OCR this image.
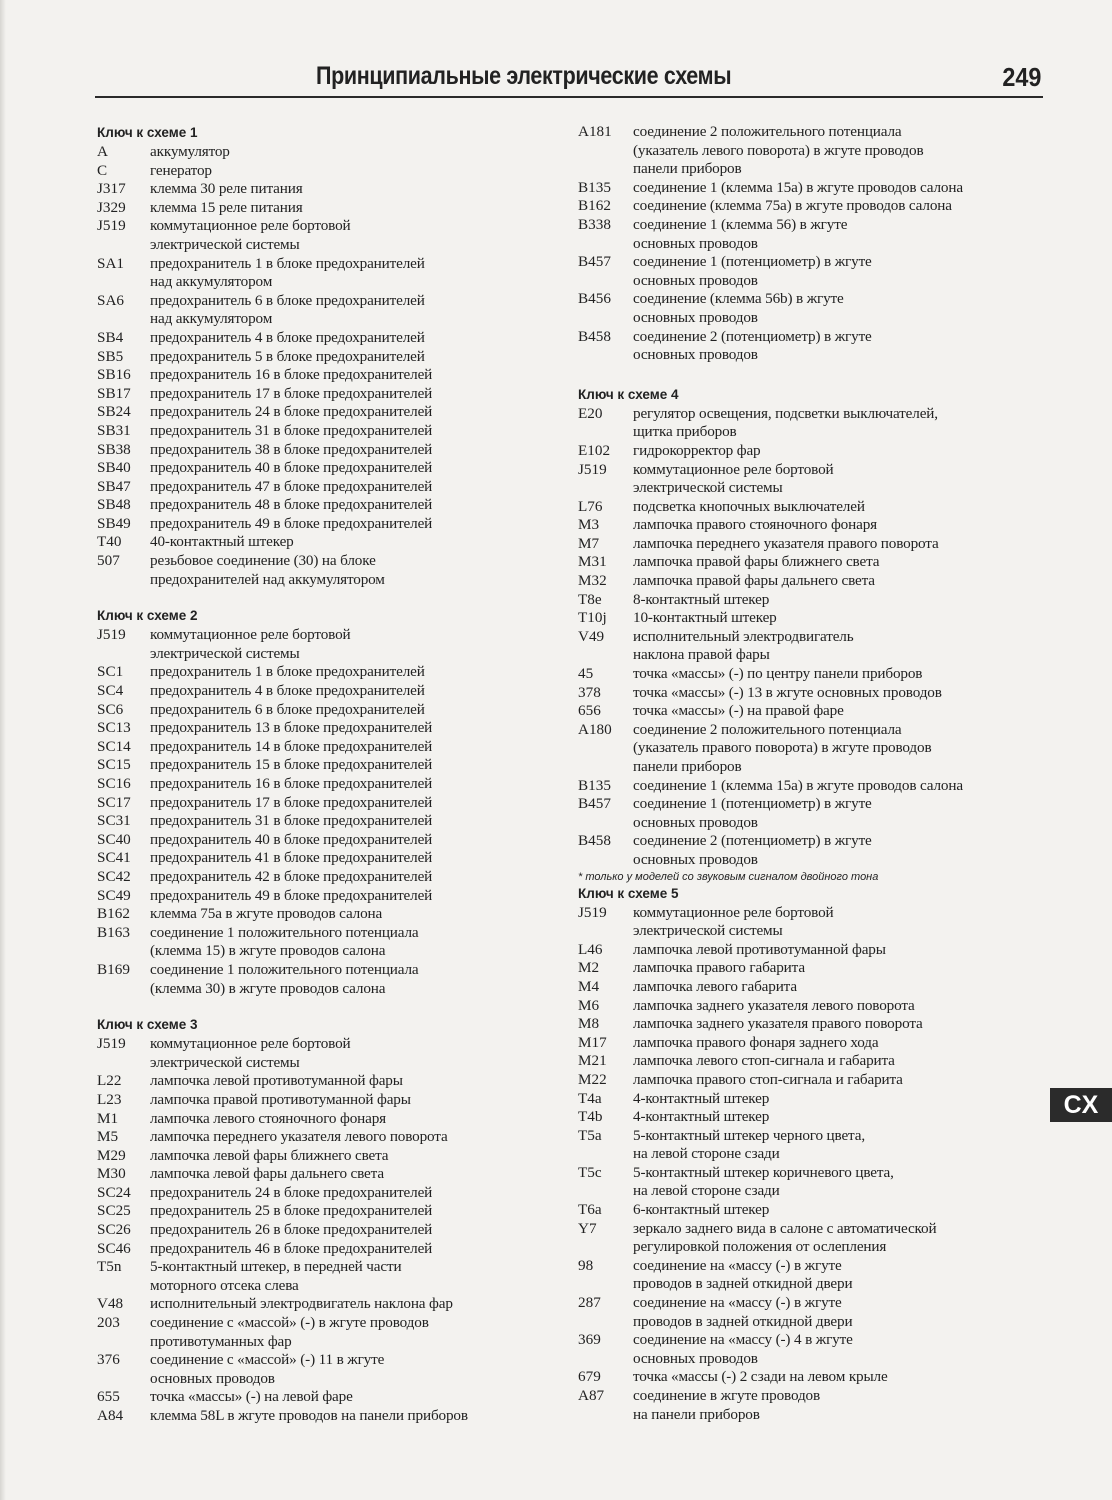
Принципиальные электрические схемы	249
Ключ к схеме 1
A	аккумулятор
C	генератор
J317	клемма 30 реле питания
J329	клемма 15 реле питания
J519	коммутационное реле бортовой
электрической системы
SA1	предохранитель 1 в блоке предохранителей
над аккумулятором
SA6	предохранитель 6 в блоке предохранителей
над аккумулятором
SB4	предохранитель 4 в блоке предохранителей
SB5	предохранитель 5 в блоке предохранителей
SB16	предохранитель 16 в блоке предохранителей
SB17	предохранитель 17 в блоке предохранителей
SB24	предохранитель 24 в блоке предохранителей
SB31	предохранитель 31 в блоке предохранителей
SB38	предохранитель 38 в блоке предохранителей
SB40	предохранитель 40 в блоке предохранителей
SB47	предохранитель 47 в блоке предохранителей
SB48	предохранитель 48 в блоке предохранителей
SB49	предохранитель 49 в блоке предохранителей
T40	40-контактный штекер
507	резьбовое соединение (30) на блоке
предохранителей над аккумулятором
Ключ к схеме 2
J519	коммутационное реле бортовой
электрической системы
SC1	предохранитель 1 в блоке предохранителей
SC4	предохранитель 4 в блоке предохранителей
SC6	предохранитель 6 в блоке предохранителей
SC13	предохранитель 13 в блоке предохранителей
SC14	предохранитель 14 в блоке предохранителей
SC15	предохранитель 15 в блоке предохранителей
SC16	предохранитель 16 в блоке предохранителей
SC17	предохранитель 17 в блоке предохранителей
SC31	предохранитель 31 в блоке предохранителей
SC40	предохранитель 40 в блоке предохранителей
SC41	предохранитель 41 в блоке предохранителей
SC42	предохранитель 42 в блоке предохранителей
SC49	предохранитель 49 в блоке предохранителей
B162	клемма 75а в жгуте проводов салона
B163	соединение 1 положительного потенциала
(клемма 15) в жгуте проводов салона
B169	соединение 1 положительного потенциала
(клемма 30) в жгуте проводов салона
Ключ к схеме 3
J519	коммутационное реле бортовой
электрической системы
L22	лампочка левой противотуманной фары
L23	лампочка правой противотуманной фары
M1	лампочка левого стояночного фонаря
M5	лампочка переднего указателя левого поворота
M29	лампочка левой фары ближнего света
M30	лампочка левой фары дальнего света
SC24	предохранитель 24 в блоке предохранителей
SC25	предохранитель 25 в блоке предохранителей
SC26	предохранитель 26 в блоке предохранителей
SC46	предохранитель 46 в блоке предохранителей
T5n	5-контактный штекер, в передней части
моторного отсека слева
V48	исполнительный электродвигатель наклона фар
203	соединение с «массой» (-) в жгуте проводов
противотуманных фар
376	соединение с «массой» (-) 11 в жгуте
основных проводов
655	точка «массы» (-) на левой фаре
A84	клемма 58L в жгуте проводов на панели приборов
A181	соединение 2 положительного потенциала
(указатель левого поворота) в жгуте проводов
панели приборов
B135	соединение 1 (клемма 15а) в жгуте проводов салона
B162	соединение (клемма 75а) в жгуте проводов салона
B338	соединение 1 (клемма 56) в жгуте
основных проводов
B457	соединение 1 (потенциометр) в жгуте
основных проводов
B456	соединение (клемма 56b) в жгуте
основных проводов
B458	соединение 2 (потенциометр) в жгуте
основных проводов
Ключ к схеме 4
E20	регулятор освещения, подсветки выключателей,
щитка приборов
E102	гидрокорректор фар
J519	коммутационное реле бортовой
электрической системы
L76	подсветка кнопочных выключателей
M3	лампочка правого стояночного фонаря
M7	лампочка переднего указателя правого поворота
M31	лампочка правой фары ближнего света
M32	лампочка правой фары дальнего света
T8e	8-контактный штекер
T10j	10-контактный штекер
V49	исполнительный электродвигатель
наклона правой фары
45	точка «массы» (-) по центру панели приборов
378	точка «массы» (-) 13 в жгуте основных проводов
656	точка «массы» (-) на правой фаре
A180	соединение 2 положительного потенциала
(указатель правого поворота) в жгуте проводов
панели приборов
B135	соединение 1 (клемма 15а) в жгуте проводов салона
B457	соединение 1 (потенциометр) в жгуте
основных проводов
B458	соединение 2 (потенциометр) в жгуте
основных проводов
* только у моделей со звуковым сигналом двойного тона
Ключ к схеме 5
J519	коммутационное реле бортовой
электрической системы
L46	лампочка левой противотуманной фары
M2	лампочка правого габарита
M4	лампочка левого габарита
M6	лампочка заднего указателя левого поворота
M8	лампочка заднего указателя правого поворота
M17	лампочка правого фонаря заднего хода
M21	лампочка левого стоп-сигнала и габарита
M22	лампочка правого стоп-сигнала и габарита
T4a	4-контактный штекер
T4b	4-контактный штекер
T5a	5-контактный штекер черного цвета,
на левой стороне сзади
T5c	5-контактный штекер коричневого цвета,
на левой стороне сзади
T6a	6-контактный штекер
Y7	зеркало заднего вида в салоне с автоматической
регулировкой положения от ослепления
98	соединение на «массу (-) в жгуте
проводов в задней откидной двери
287	соединение на «массу (-) в жгуте
проводов в задней откидной двери
369	соединение на «массу (-) 4 в жгуте
основных проводов
679	точка «массы (-) 2 сзади на левом крыле
A87	соединение в жгуте проводов
на панели приборов
CX
